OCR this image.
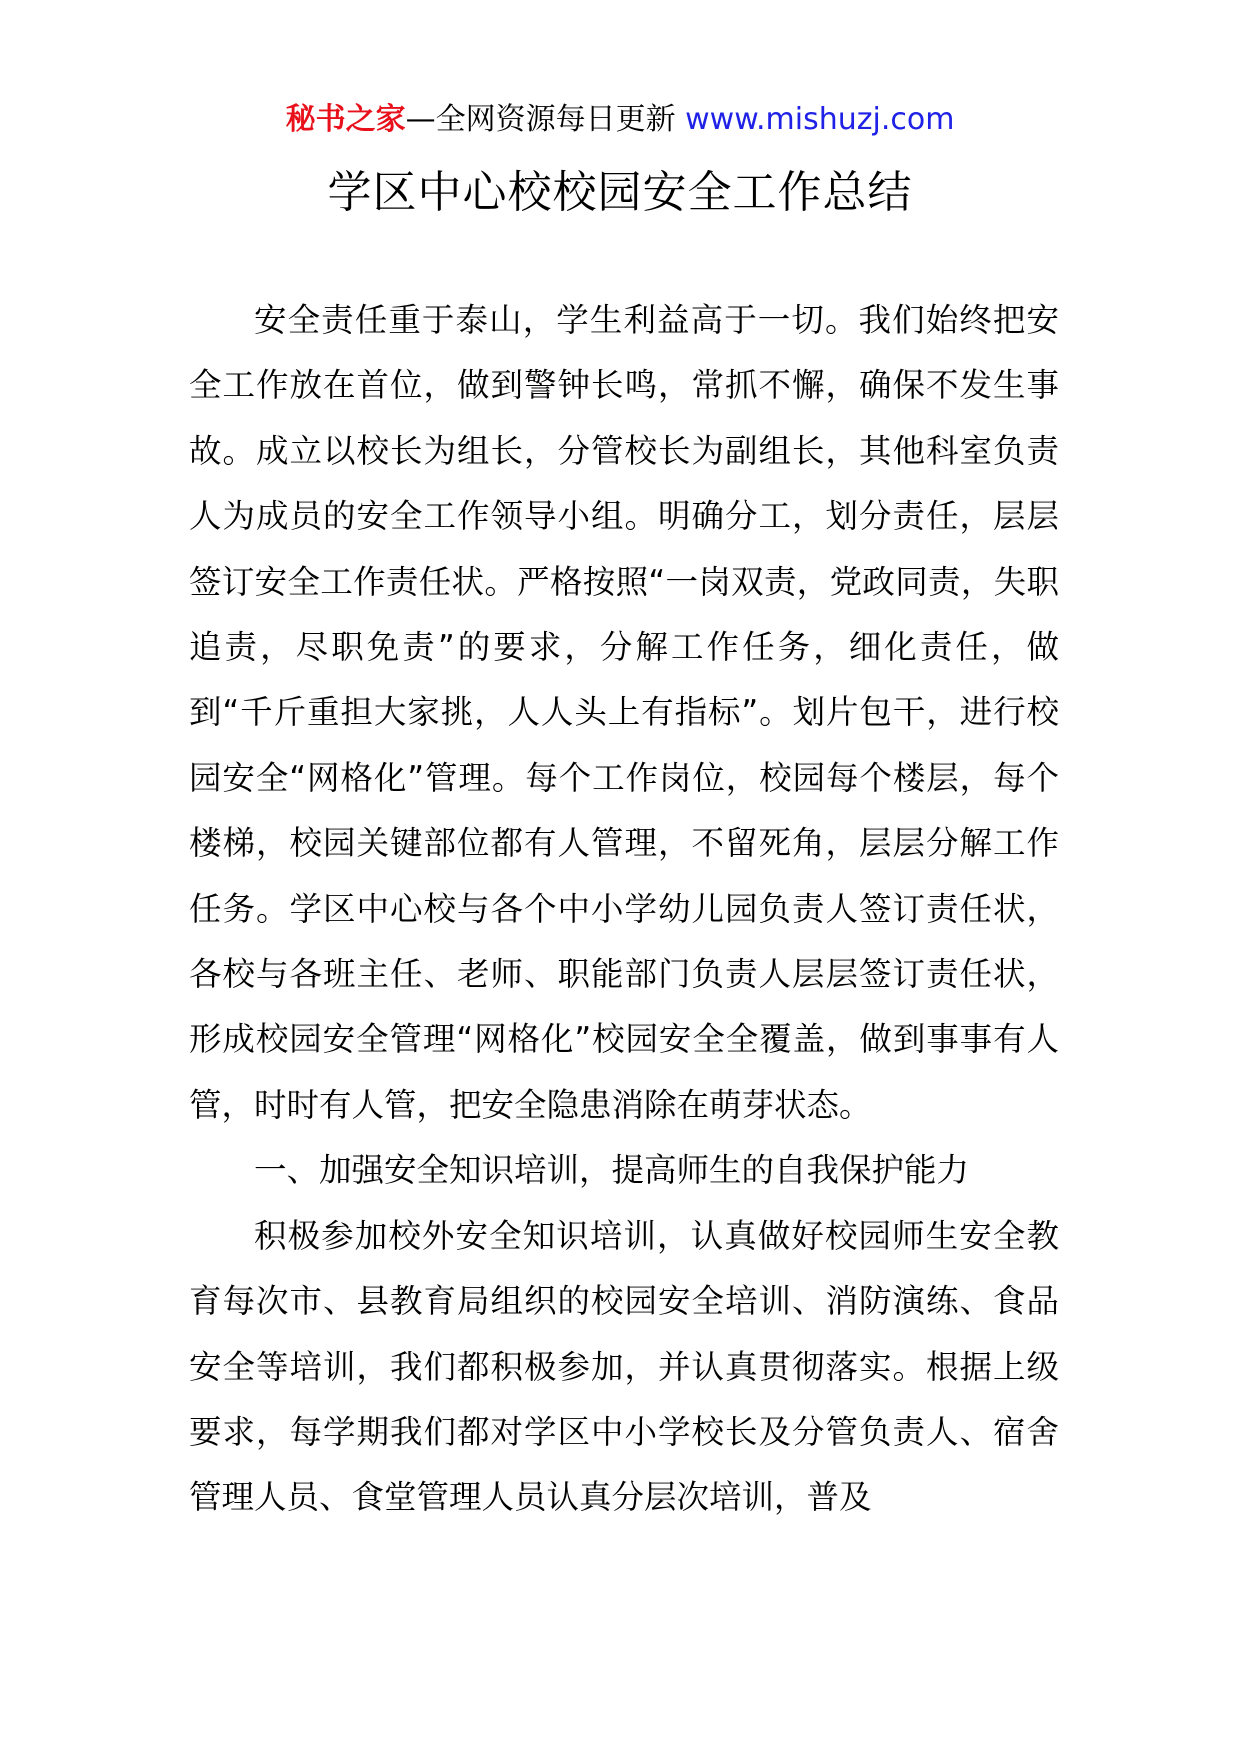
秘书之家—全网资源每日更新 www.mishuzj.com
学区中心校校园安全工作总结

安全责任重于泰山，学生利益高于一切。我们始终把安全工作放在首位，做到警钟长鸣，常抓不懈，确保不发生事故。成立以校长为组长，分管校长为副组长，其他科室负责人为成员的安全工作领导小组。明确分工，划分责任，层层签订安全工作责任状。严格按照“一岗双责，党政同责，失职追责，尽职免责”的要求，分解工作任务，细化责任，做到“千斤重担大家挑，人人头上有指标”。划片包干，进行校园安全“网格化”管理。每个工作岗位，校园每个楼层，每个楼梯，校园关键部位都有人管理，不留死角，层层分解工作任务。学区中心校与各个中小学幼儿园负责人签订责任状，各校与各班主任、老师、职能部门负责人层层签订责任状，形成校园安全管理“网格化”校园安全全覆盖，做到事事有人管，时时有人管，把安全隐患消除在萌芽状态。

一、加强安全知识培训，提高师生的自我保护能力

积极参加校外安全知识培训，认真做好校园师生安全教育每次市、县教育局组织的校园安全培训、消防演练、食品安全等培训，我们都积极参加，并认真贯彻落实。根据上级要求，每学期我们都对学区中小学校长及分管负责人、宿舍管理人员、食堂管理人员认真分层次培训，普及
